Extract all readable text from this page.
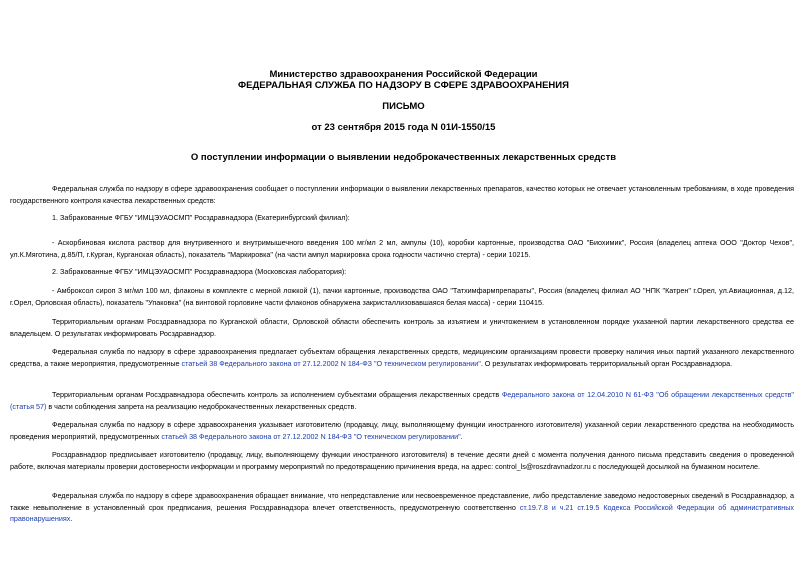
Министерство здравоохранения Российской Федерации
ФЕДЕРАЛЬНАЯ СЛУЖБА ПО НАДЗОРУ В СФЕРЕ ЗДРАВООХРАНЕНИЯ
ПИСЬМО
от 23 сентября 2015 года N 01И-1550/15
О поступлении информации о выявлении недоброкачественных лекарственных средств
Федеральная служба по надзору в сфере здравоохранения сообщает о поступлении информации о выявлении лекарственных препаратов, качество которых не отвечает установленным требованиям, в ходе проведения государственного контроля качества лекарственных средств:
1. Забракованные ФГБУ "ИМЦЭУАОСМП" Росздравнадзора (Екатеринбургский филиал):
- Аскорбиновая кислота раствор для внутривенного и внутримышечного введения 100 мг/мл 2 мл, ампулы (10), коробки картонные, производства ОАО "Биохимик", Россия (владелец аптека ООО "Доктор Чехов", ул.К.Мяготина, д.85/П, г.Курган, Курганская область), показатель "Маркировка" (на части ампул маркировка срока годности частично стерта) - серии 10215.
2. Забракованные ФГБУ "ИМЦЭУАОСМП" Росздравнадзора (Московская лаборатория):
- Амброксол сироп 3 мг/мл 100 мл, флаконы в комплекте с мерной ложкой (1), пачки картонные, производства ОАО "Татхимфармпрепараты", Россия (владелец филиал АО "НПК "Катрен" г.Орел, ул.Авиационная, д.12, г.Орел, Орловская область), показатель "Упаковка" (на винтовой горловине части флаконов обнаружена закристаллизовавшаяся белая масса) - серии 110415.
Территориальным органам Росздравнадзора по Курганской области, Орловской области обеспечить контроль за изъятием и уничтожением в установленном порядке указанной партии лекарственного средства ее владельцем. О результатах информировать Росздравнадзор.
Федеральная служба по надзору в сфере здравоохранения предлагает субъектам обращения лекарственных средств, медицинским организациям провести проверку наличия иных партий указанного лекарственного средства, а также мероприятия, предусмотренные статьей 38 Федерального закона от 27.12.2002 N 184-ФЗ "О техническом регулировании". О результатах информировать территориальный орган Росздравнадзора.
Территориальным органам Росздравнадзора обеспечить контроль за исполнением субъектами обращения лекарственных средств Федерального закона от 12.04.2010 N 61-ФЗ "Об обращении лекарственных средств" (статья 57) в части соблюдения запрета на реализацию недоброкачественных лекарственных средств.
Федеральная служба по надзору в сфере здравоохранения указывает изготовителю (продавцу, лицу, выполняющему функции иностранного изготовителя) указанной серии лекарственного средства на необходимость проведения мероприятий, предусмотренных статьей 38 Федерального закона от 27.12.2002 N 184-ФЗ "О техническом регулировании".
Росздравнадзор предписывает изготовителю (продавцу, лицу, выполняющему функции иностранного изготовителя) в течение десяти дней с момента получения данного письма представить сведения о проведенной работе, включая материалы проверки достоверности информации и программу мероприятий по предотвращению причинения вреда, на адрес: control_ls@roszdravnadzor.ru с последующей досылкой на бумажном носителе.
Федеральная служба по надзору в сфере здравоохранения обращает внимание, что непредставление или несвоевременное представление, либо представление заведомо недостоверных сведений в Росздравнадзор, а также невыполнение в установленный срок предписания, решения Росздравнадзора влечет ответственность, предусмотренную соответственно ст.19.7.8 и ч.21 ст.19.5 Кодекса Российской Федерации об административных правонарушениях.
